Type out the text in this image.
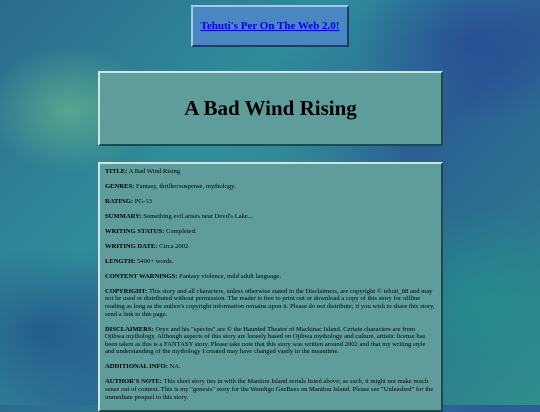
Tehuti's Per On The Web 2.0!
A Bad Wind Rising

TITLE: A Bad Wind Rising

GENRES: Fantasy, thriller/suspense, mythology.

RATING: PG-13

SUMMARY: Something evil arises near Devil's Lake...

WRITING STATUS: Completed.

WRITING DATE: Circa 2002.

LENGTH: 5400+ words.

CONTENT WARNINGS: Fantasy violence, mild adult language.

COPYRIGHT: This story and all characters, unless otherwise stated in the Disclaimers, are copyright © tehuti_88 and may not be used or distributed without permission. The reader is free to print out or download a copy of this story for offline reading as long as the author's copyright information remains upon it. Please do not distribute; if you wish to share this story, send a link to this page.

DISCLAIMERS: Oryx and his "species" are © the Haunted Theatre of Mackinac Island. Certain characters are from Ojibwa mythology. Although aspects of this story are loosely based on Ojibwa mythology and culture, artistic license has been taken as this is a FANTASY story. Please take note that this story was written around 2002 and that my writing style and understanding of the mythology I created may have changed vastly in the meantime.

ADDITIONAL INFO: NA.

AUTHOR'S NOTE: This short story ties in with the Manitou Island serials listed above; as such, it might not make much sense out of context. This is my "genesis" story for the Wendigo GeeBees on Manitou Island. Please see "Unleashed" for the immediate prequel to this story.
